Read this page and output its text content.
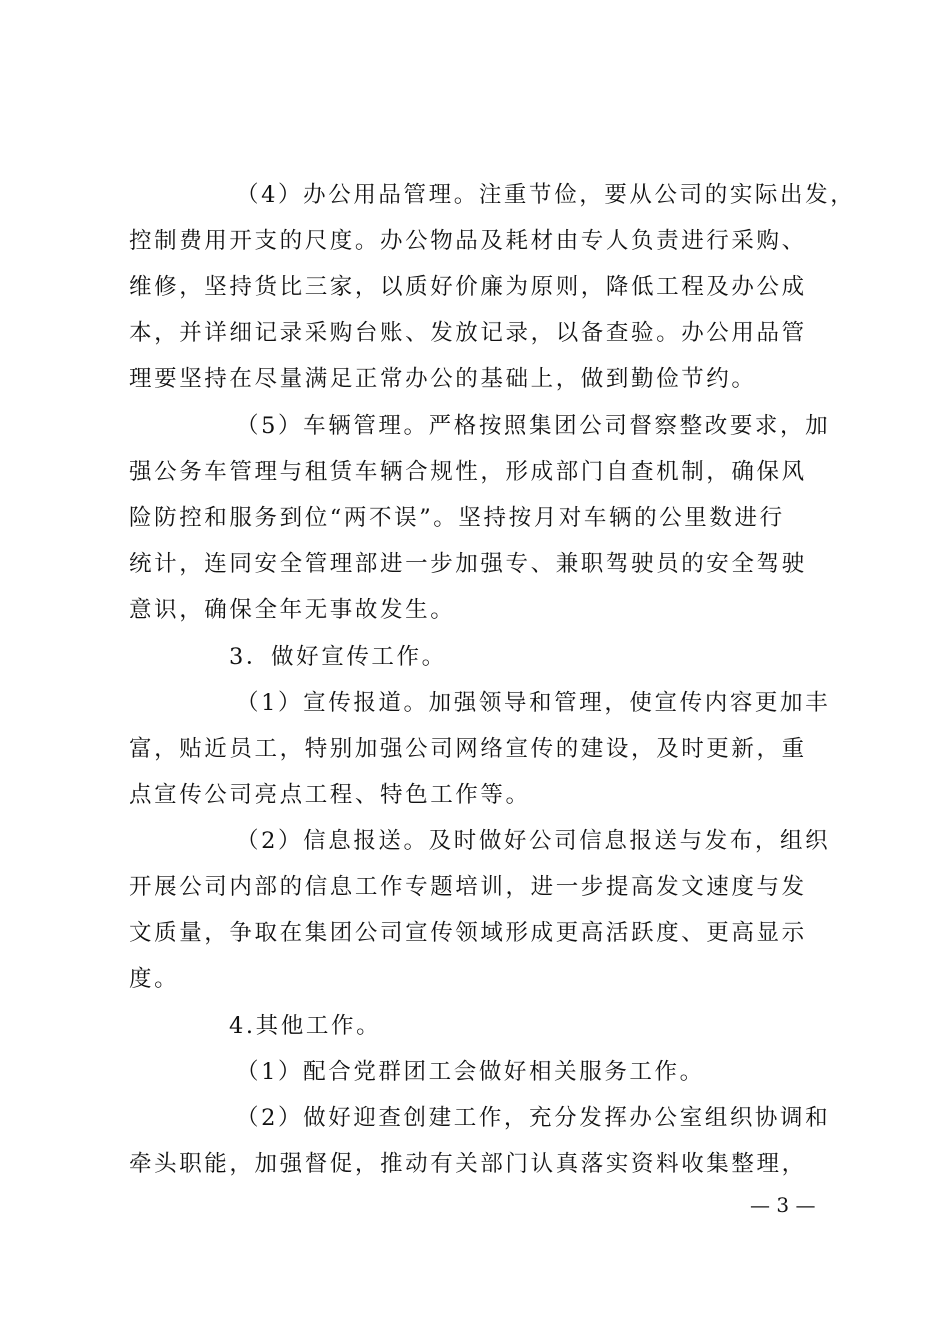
（4）办公用品管理。注重节俭，要从公司的实际出发，
控制费用开支的尺度。办公物品及耗材由专人负责进行采购、
维修，坚持货比三家，以质好价廉为原则，降低工程及办公成
本，并详细记录采购台账、发放记录，以备查验。办公用品管
理要坚持在尽量满足正常办公的基础上，做到勤俭节约。
（5）车辆管理。严格按照集团公司督察整改要求，加
强公务车管理与租赁车辆合规性，形成部门自查机制，确保风
险防控和服务到位“两不误”。坚持按月对车辆的公里数进行
统计，连同安全管理部进一步加强专、兼职驾驶员的安全驾驶
意识，确保全年无事故发生。
3．做好宣传工作。
（1）宣传报道。加强领导和管理，使宣传内容更加丰
富，贴近员工，特别加强公司网络宣传的建设，及时更新，重
点宣传公司亮点工程、特色工作等。
（2）信息报送。及时做好公司信息报送与发布，组织
开展公司内部的信息工作专题培训，进一步提高发文速度与发
文质量，争取在集团公司宣传领域形成更高活跃度、更高显示
度。
4.其他工作。
（1）配合党群团工会做好相关服务工作。
（2）做好迎查创建工作，充分发挥办公室组织协调和
牵头职能，加强督促，推动有关部门认真落实资料收集整理，
— 3 —
